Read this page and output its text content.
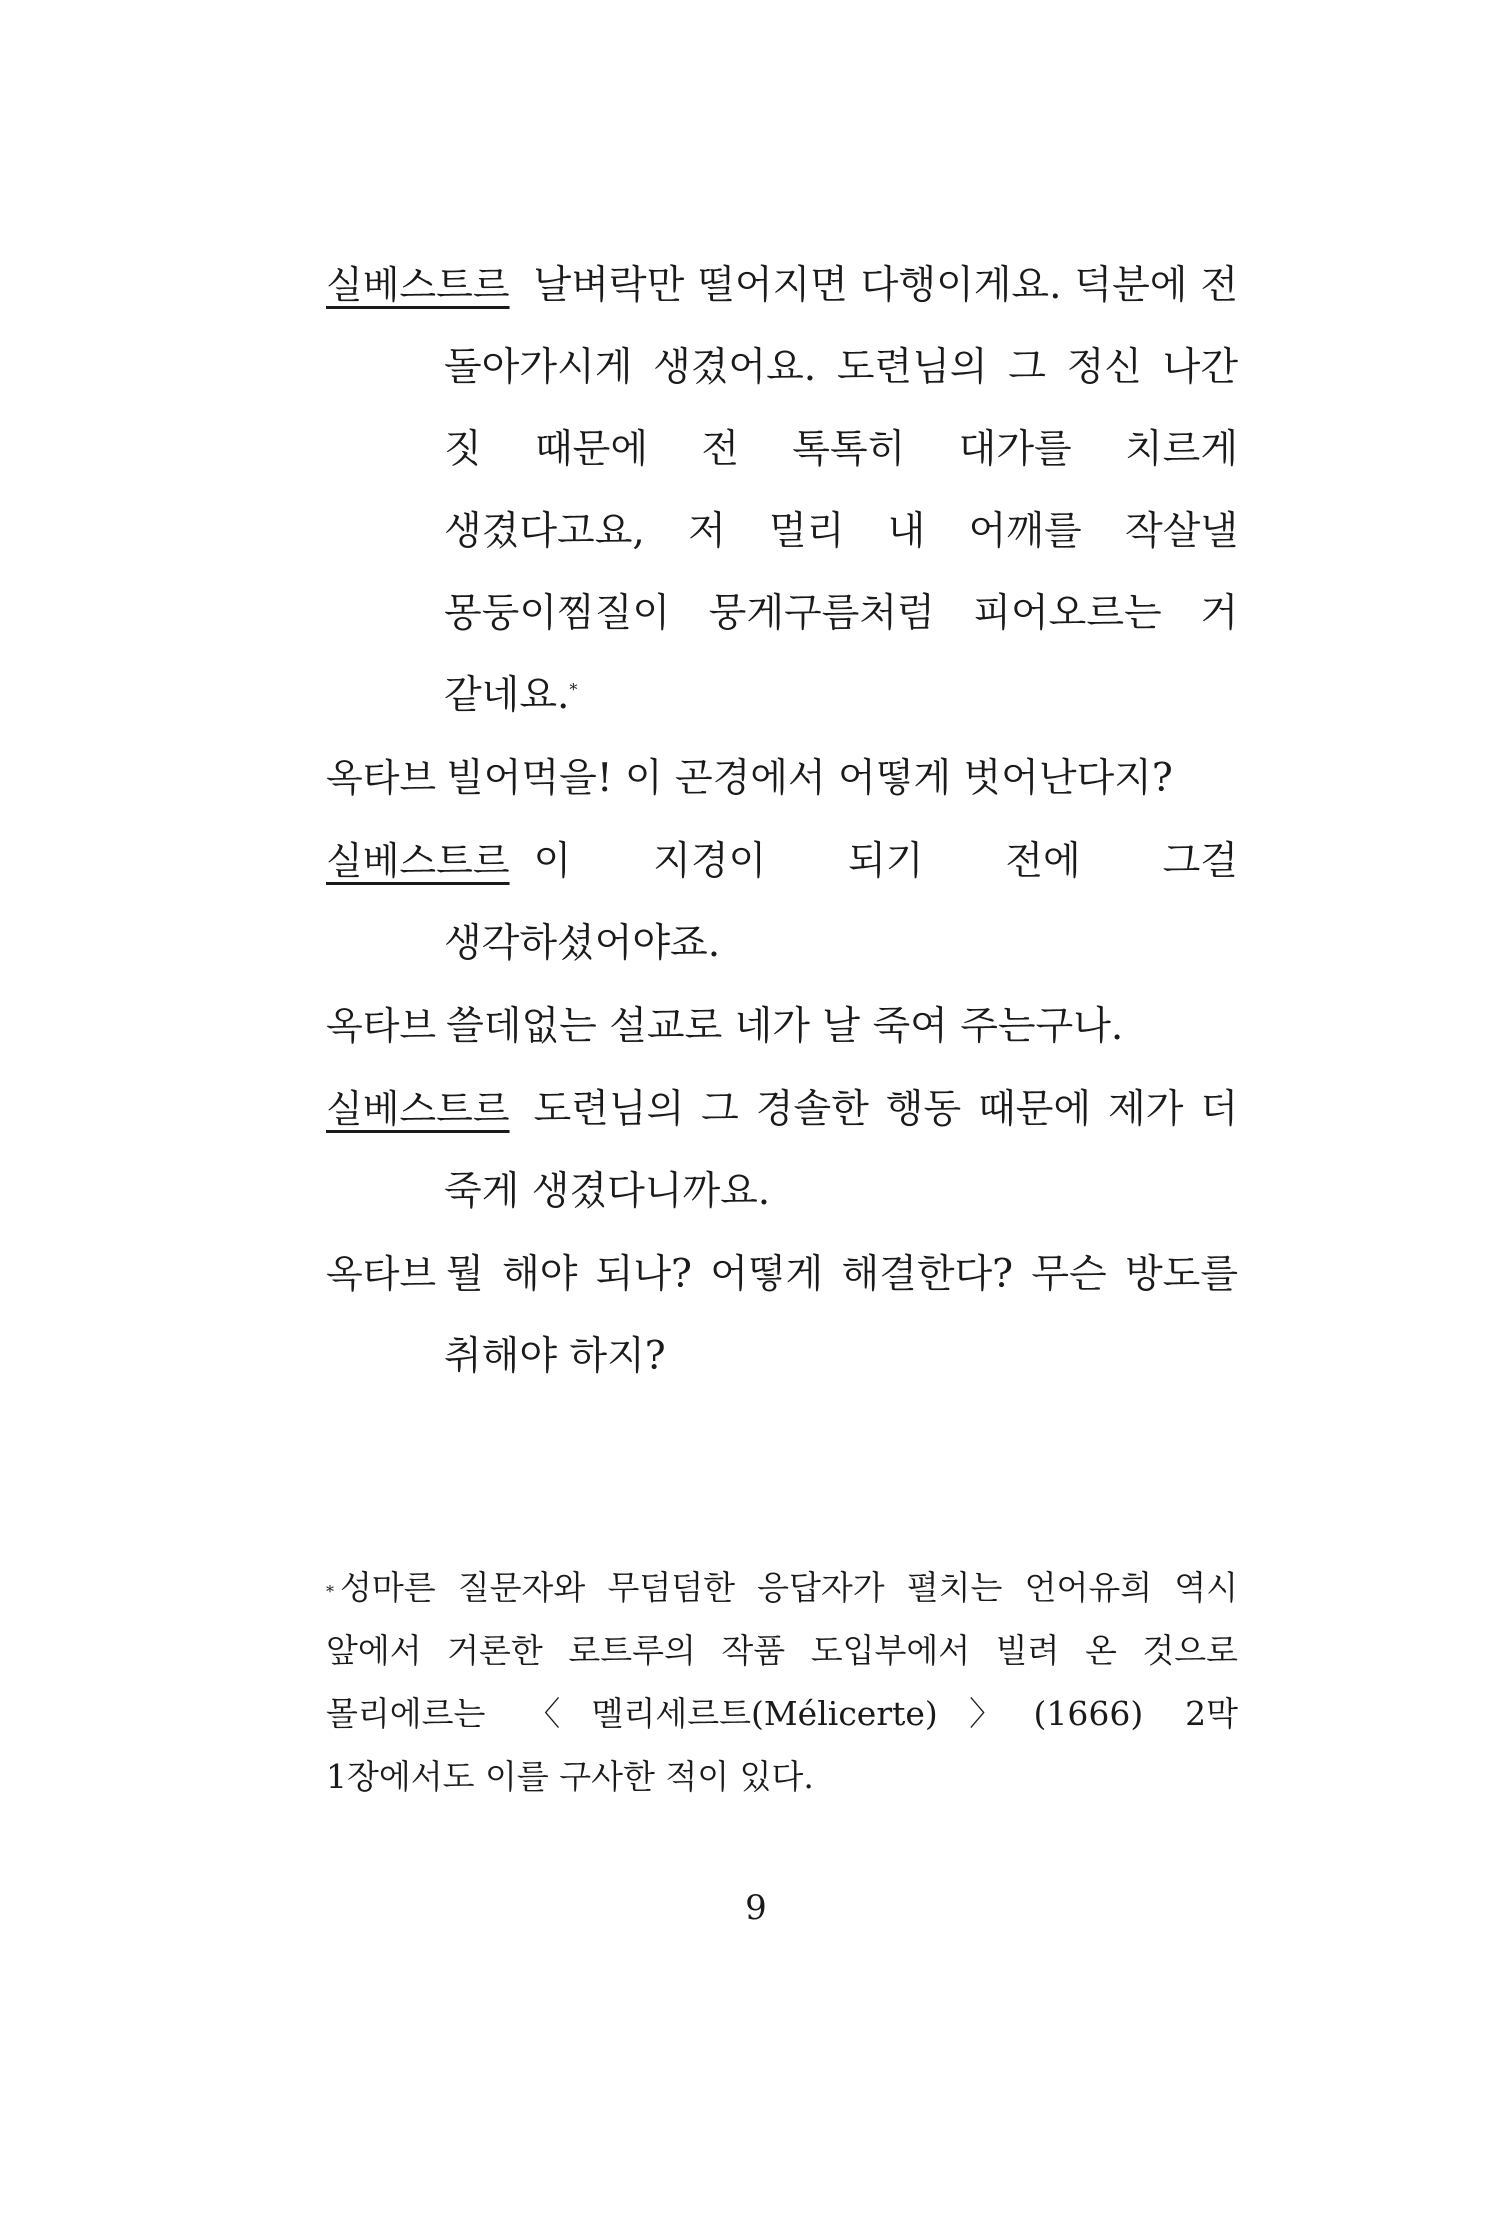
실베스트르 날벼락만 떨어지면 다행이게요. 덕분에 전 돌아가시게 생겼어요. 도련님의 그 정신 나간 짓 때문에 전 톡톡히 대가를 치르게 생겼다고요, 저 멀리 내 어깨를 작살낼 몽둥이찜질이 뭉게구름처럼 피어오르는 거 같네요.*

옥타브 빌어먹을! 이 곤경에서 어떻게 벗어난다지?

실베스트르 이 지경이 되기 전에 그걸 생각하셨어야죠.

옥타브 쓸데없는 설교로 네가 날 죽여 주는구나.

실베스트르 도련님의 그 경솔한 행동 때문에 제가 더 죽게 생겼다니까요.

옥타브 뭘 해야 되나? 어떻게 해결한다? 무슨 방도를 취해야 하지?

* 성마른 질문자와 무덤덤한 응답자가 펼치는 언어유희 역시 앞에서 거론한 로트루의 작품 도입부에서 빌려 온 것으로 몰리에르는 〈멜리세르트(Mélicerte)〉(1666) 2막 1장에서도 이를 구사한 적이 있다.

9
